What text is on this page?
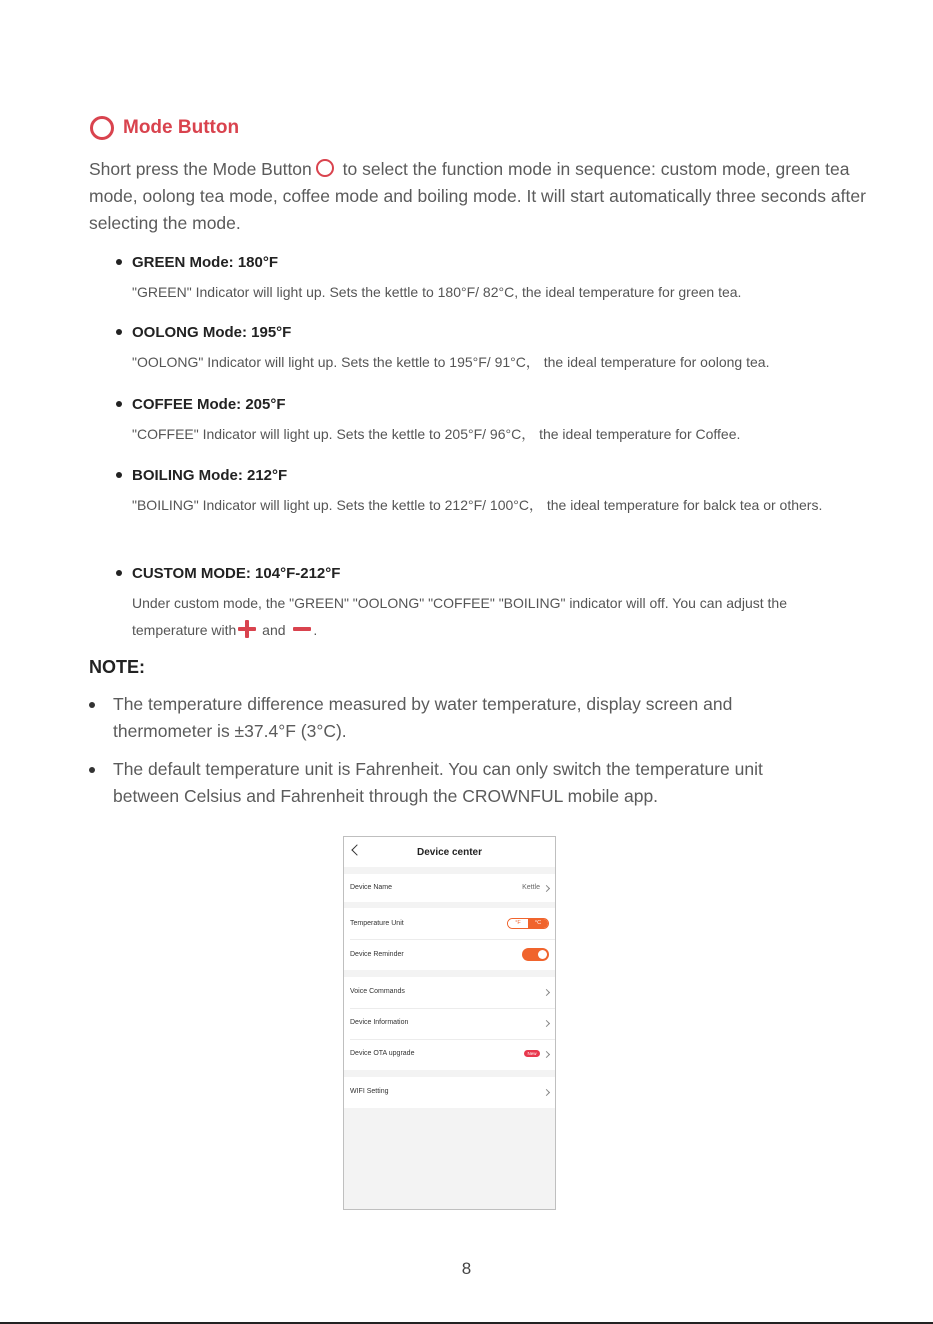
Mode Button
Short press the Mode Button to select the function mode in sequence: custom mode, green tea mode, oolong tea mode, coffee mode and boiling mode. It will start automatically three seconds after selecting the mode.
GREEN Mode: 180°F
"GREEN" Indicator will light up. Sets the kettle to 180°F/ 82°C, the ideal temperature for green tea.
OOLONG Mode: 195°F
"OOLONG" Indicator will light up. Sets the kettle to 195°F/ 91°C， the ideal temperature for oolong tea.
COFFEE Mode: 205°F
"COFFEE" Indicator will light up. Sets the kettle to 205°F/ 96°C， the ideal temperature for Coffee.
BOILING Mode: 212°F
"BOILING" Indicator will light up. Sets the kettle to 212°F/ 100°C， the ideal temperature for balck tea or others.
CUSTOM MODE: 104°F-212°F
Under custom mode, the "GREEN" "OOLONG" "COFFEE" "BOILING" indicator will off. You can adjust the temperature with and .
NOTE:
The temperature difference measured by water temperature, display screen and thermometer is ±37.4°F (3°C).
The default temperature unit is Fahrenheit. You can only switch the temperature unit between Celsius and Fahrenheit through the CROWNFUL mobile app.
Device center
Device Name	Kettle
Temperature Unit	°F	°C
Device Reminder
Voice Commands
Device Information
Device OTA upgrade	New
WIFI Setting
8
